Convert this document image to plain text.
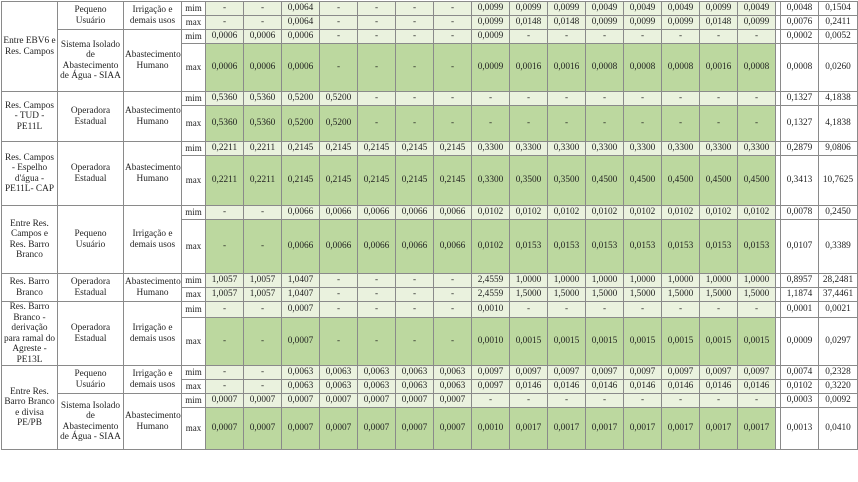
Entre EBV6 e Res. Campos	Pequeno Usuário	Irrigação e demais usos	mim	-	-	0,0064	-	-	-	-	0,0099	0,0099	0,0099	0,0049	0,0049	0,0049	0,0099	0,0049		0,0048	0,1504
			max	-	-	0,0064	-	-	-	-	0,0099	0,0148	0,0148	0,0099	0,0099	0,0099	0,0148	0,0099		0,0076	0,2411
	Sistema Isolado de Abastecimento de Água - SIAA	Abastecimento Humano	mim	0,0006	0,0006	0,0006	-	-	-	-	0,0009	-	-	-	-	-	-	-		0,0002	0,0052
			max	0,0006	0,0006	0,0006	-	-	-	-	0,0009	0,0016	0,0016	0,0008	0,0008	0,0008	0,0016	0,0008		0,0008	0,0260
Res. Campos - TUD - PE11L	Operadora Estadual	Abastecimento Humano	mim	0,5360	0,5360	0,5200	0,5200	-	-	-	-	-	-	-	-	-	-	-		0,1327	4,1838
			max	0,5360	0,5360	0,5200	0,5200	-	-	-	-	-	-	-	-	-	-	-		0,1327	4,1838
Res. Campos - Espelho d'água - PE11L- CAP	Operadora Estadual	Abastecimento Humano	mim	0,2211	0,2211	0,2145	0,2145	0,2145	0,2145	0,2145	0,3300	0,3300	0,3300	0,3300	0,3300	0,3300	0,3300	0,3300		0,2879	9,0806
			max	0,2211	0,2211	0,2145	0,2145	0,2145	0,2145	0,2145	0,3300	0,3500	0,3500	0,4500	0,4500	0,4500	0,4500	0,4500		0,3413	10,7625
Entre Res. Campos e Res. Barro Branco	Pequeno Usuário	Irrigação e demais usos	mim	-	-	0,0066	0,0066	0,0066	0,0066	0,0066	0,0102	0,0102	0,0102	0,0102	0,0102	0,0102	0,0102	0,0102		0,0078	0,2450
			max	-	-	0,0066	0,0066	0,0066	0,0066	0,0066	0,0102	0,0153	0,0153	0,0153	0,0153	0,0153	0,0153	0,0153		0,0107	0,3389
Res. Barro Branco	Operadora Estadual	Abastecimento Humano	mim	1,0057	1,0057	1,0407	-	-	-	-	2,4559	1,0000	1,0000	1,0000	1,0000	1,0000	1,0000	1,0000		0,8957	28,2481
			max	1,0057	1,0057	1,0407	-	-	-	-	2,4559	1,5000	1,5000	1,5000	1,5000	1,5000	1,5000	1,5000		1,1874	37,4461
Res. Barro Branco - derivação para ramal do Agreste - PE13L	Operadora Estadual	Irrigação e demais usos	mim	-	-	0,0007	-	-	-	-	0,0010	-	-	-	-	-	-	-		0,0001	0,0021
			max	-	-	0,0007	-	-	-	-	0,0010	0,0015	0,0015	0,0015	0,0015	0,0015	0,0015	0,0015		0,0009	0,0297
Entre Res. Barro Branco e divisa PE/PB	Pequeno Usuário	Irrigação e demais usos	mim	-	-	0,0063	0,0063	0,0063	0,0063	0,0063	0,0097	0,0097	0,0097	0,0097	0,0097	0,0097	0,0097	0,0097		0,0074	0,2328
			max	-	-	0,0063	0,0063	0,0063	0,0063	0,0063	0,0097	0,0146	0,0146	0,0146	0,0146	0,0146	0,0146	0,0146		0,0102	0,3220
	Sistema Isolado de Abastecimento de Água - SIAA	Abastecimento Humano	mim	0,0007	0,0007	0,0007	0,0007	0,0007	0,0007	0,0007	-	-	-	-	-	-	-	-		0,0003	0,0092
			max	0,0007	0,0007	0,0007	0,0007	0,0007	0,0007	0,0007	0,0010	0,0017	0,0017	0,0017	0,0017	0,0017	0,0017	0,0017		0,0013	0,0410
